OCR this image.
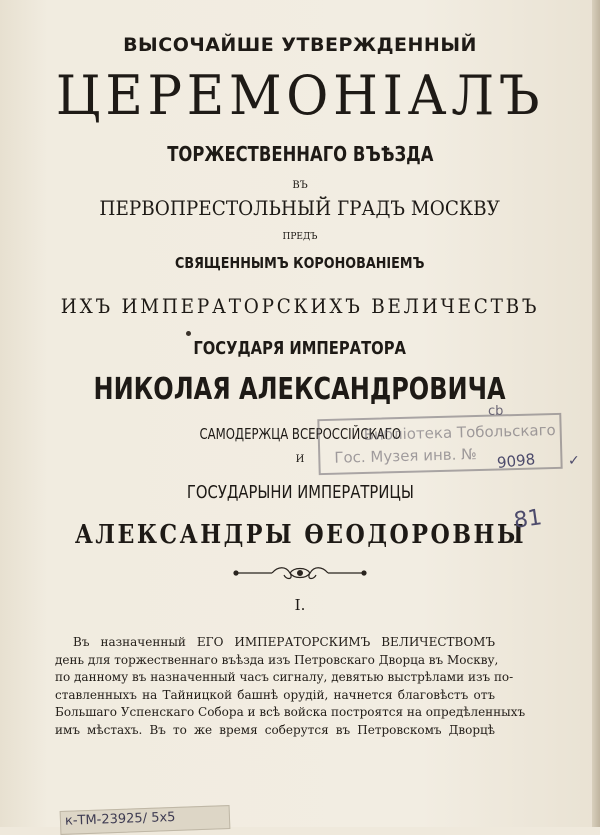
ВЫСОЧАЙШЕ УТВЕРЖДЕННЫЙ
ЦЕРЕМОНIАЛЪ
ТОРЖЕСТВЕННАГО ВЪѢЗДА
ВЪ
ПЕРВОПРЕСТОЛЬНЫЙ ГРАДЪ МОСКВУ
ПРЕДЪ
СВЯЩЕННЫМЪ КОРОНОВАНIЕМЪ
ИХЪ ИМПЕРАТОРСКИХЪ ВЕЛИЧЕСТВЪ
ГОСУДАРЯ ИМПЕРАТОРА
НИКОЛАЯ АЛЕКСАНДРОВИЧА
САМОДЕРЖЦА ВСЕРОССIЙСКАГО
И
ГОСУДАРЫНИ ИМПЕРАТРИЦЫ
АЛЕКСАНДРЫ ѲЕОДОРОВНЫ
I.
Въ назначенный ЕГО ИМПЕРАТОРСКИМЪ ВЕЛИЧЕСТВОМЪ
день для торжественнаго въѣзда изъ Петровскаго Дворца въ Москву,
по данному въ назначенный часъ сигналу, девятью выстрѣлами изъ по-
ставленныхъ на Тайницкой башнѣ орудiй, начнется благовѣстъ отъ
Большаго Успенскаго Собора и всѣ войска построятся на опредѣленныхъ
имъ мѣстахъ. Въ то же время соберутся въ Петровскомъ Дворцѣ
Библiотека Тобольскаго
Гос. Музея инв. №
cb
9098 ✓
81
к-ТМ-23925/ 5х5
